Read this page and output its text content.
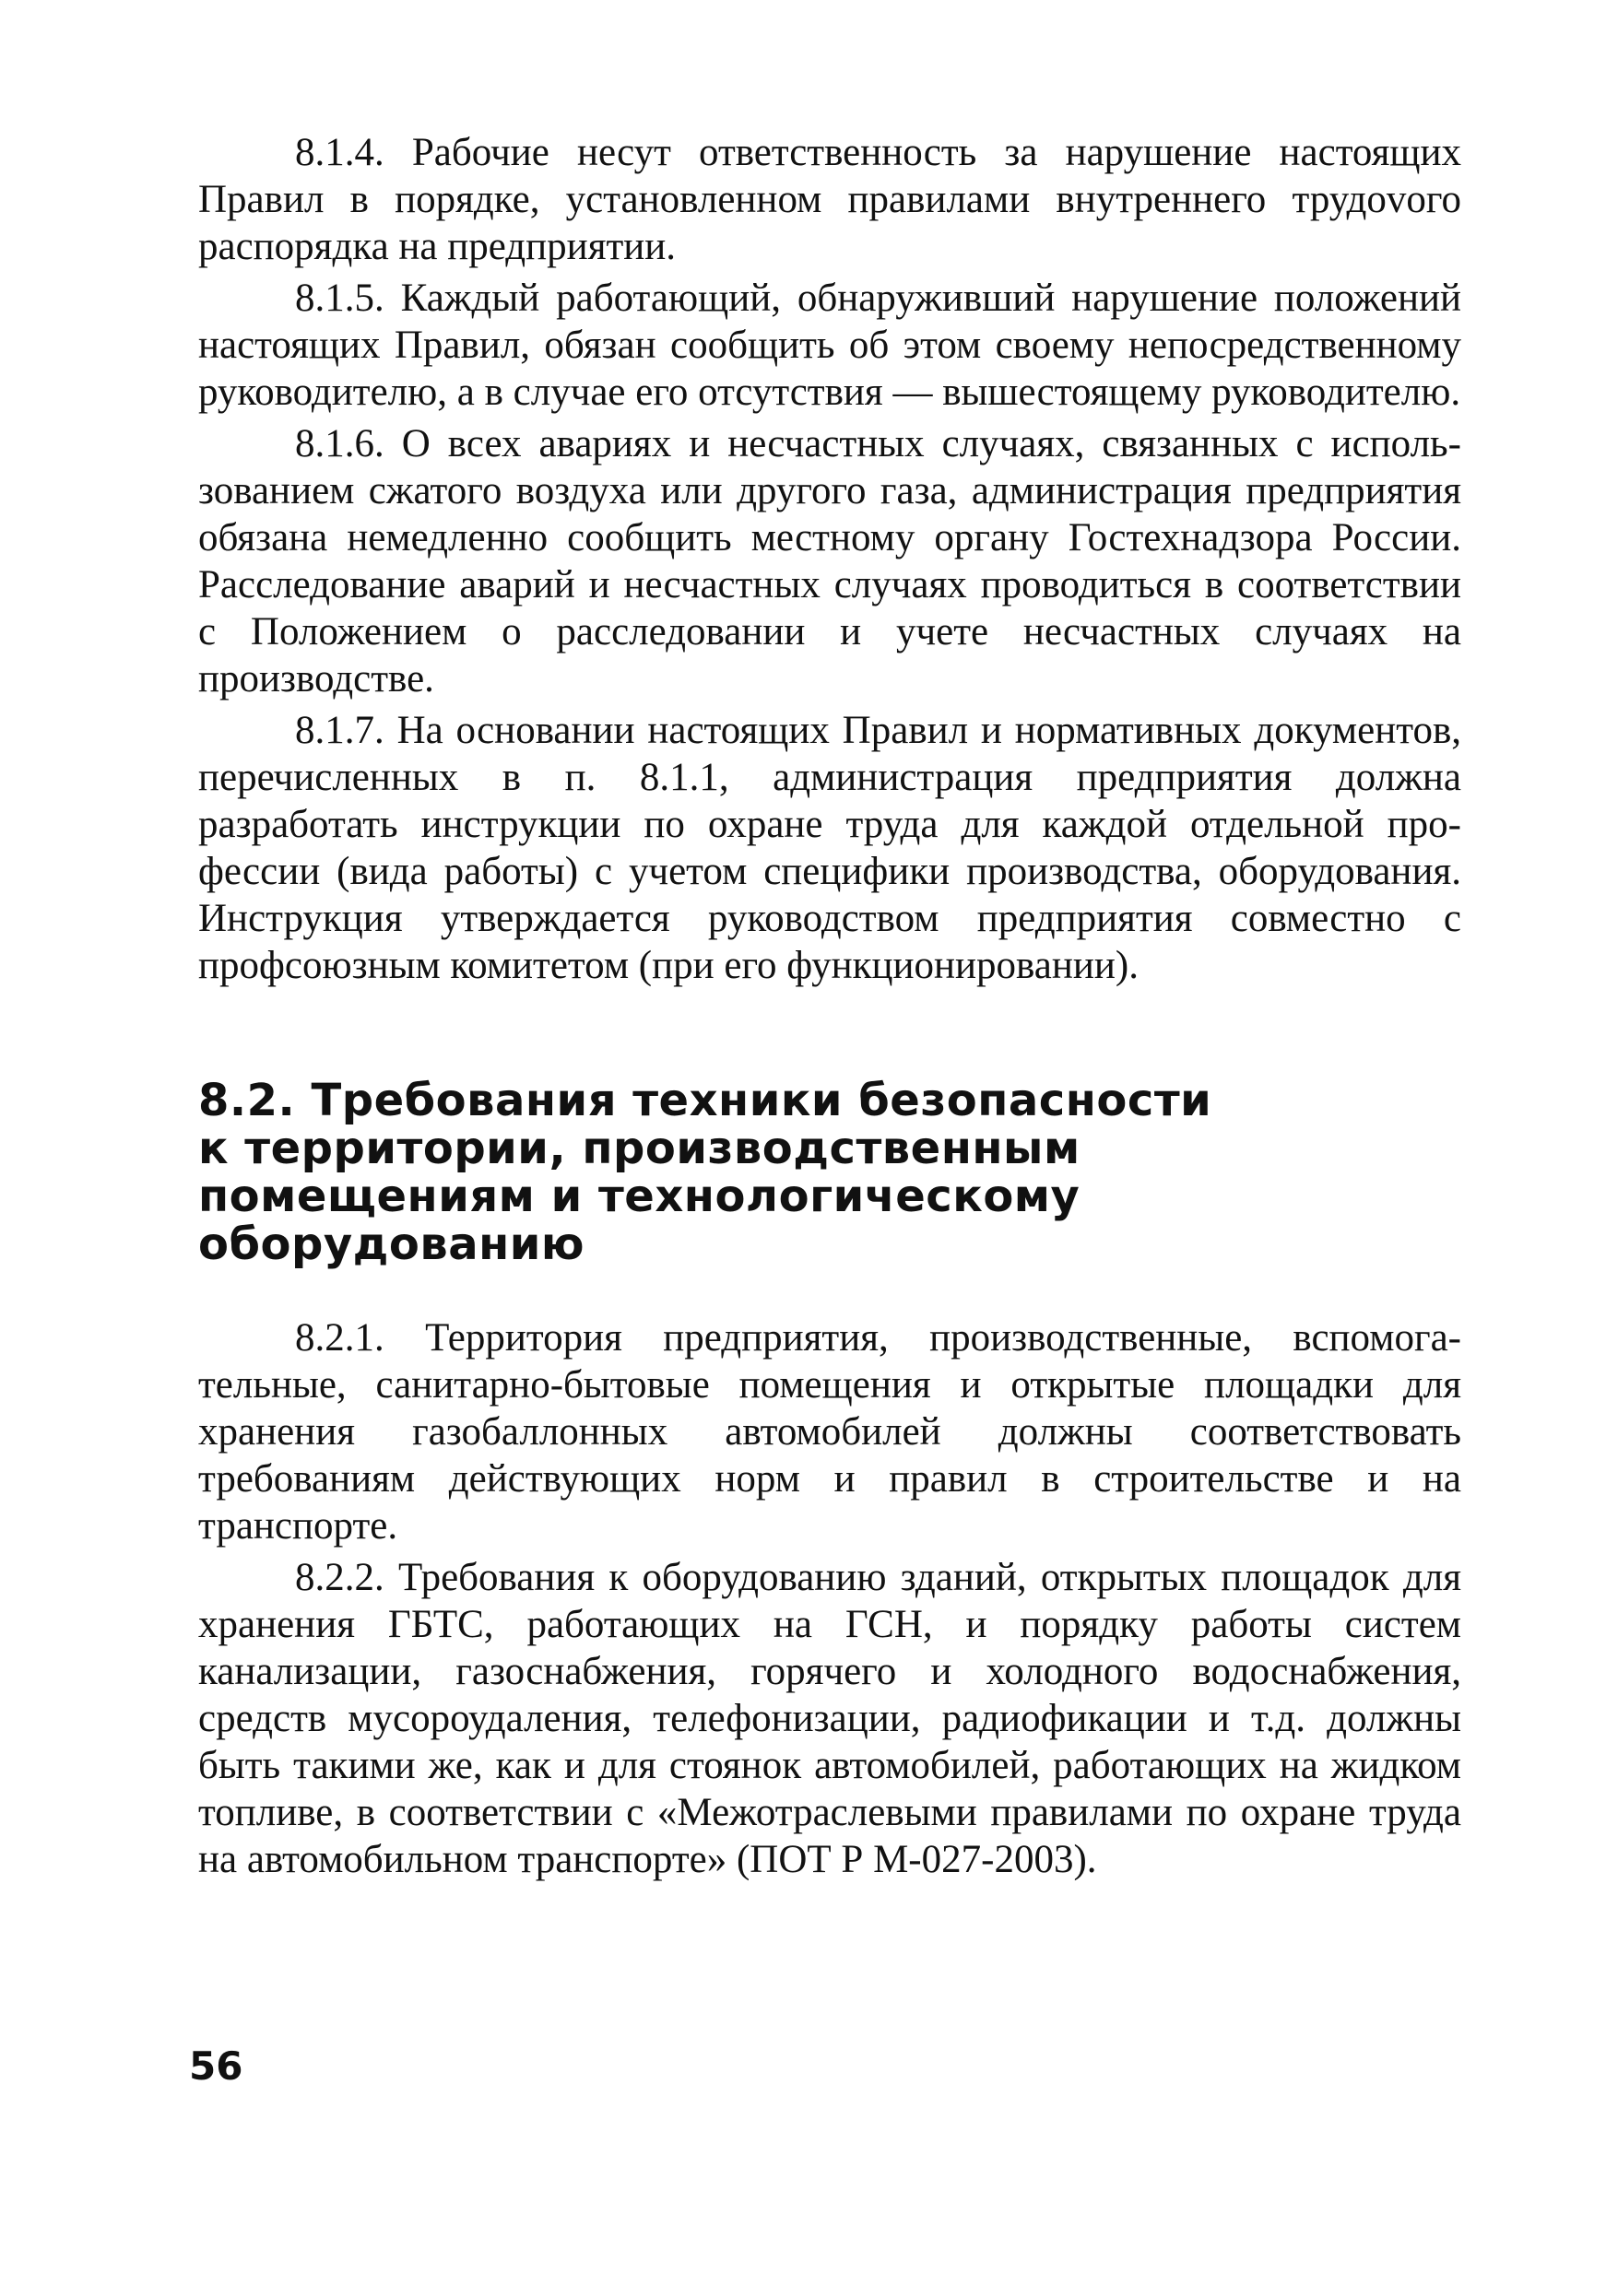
8.1.4. Рабочие несут ответственность за нарушение настоящих Правил в порядке, установленном правилами внутреннего трудоvого распорядка на предприятии.

8.1.5. Каждый работающий, обнаруживший нарушение положений настоящих Правил, обязан сообщить об этом своему непосредственному руководителю, а в случае его отсутствия — вышестоящему руководителю.

8.1.6. О всех авариях и несчастных случаях, связанных с использованием сжатого воздуха или другого газа, администрация предприятия обязана немедленно сообщить местному органу Гостехнадзора России. Расследование аварий и несчастных случаях проводиться в соответствии с Положением о расследовании и учете несчастных случаях на производстве.

8.1.7. На основании настоящих Правил и нормативных документов, перечисленных в п. 8.1.1, администрация предприятия должна разработать инструкции по охране труда для каждой отдельной профессии (вида работы) с учетом специфики производства, оборудования. Инструкция утверждается руководством предприятия совместно с профсоюзным комитетом (при его функционировании).

8.2. Требования техники безопасности
к территории, производственным
помещениям и технологическому
оборудованию

8.2.1. Территория предприятия, производственные, вспомогательные, санитарно-бытовые помещения и открытые площадки для хранения газобаллонных автомобилей должны соответствовать требованиям действующих норм и правил в строительстве и на транспорте.

8.2.2. Требования к оборудованию зданий, открытых площадок для хранения ГБТС, работающих на ГСН, и порядку работы систем канализации, газоснабжения, горячего и холодного водоснабжения, средств мусороудаления, телефонизации, радиофикации и т.д. должны быть такими же, как и для стоянок автомобилей, работающих на жидком топливе, в соответствии с «Межотраслевыми правилами по охране труда на автомобильном транспорте» (ПОТ Р М-027-2003).

56
